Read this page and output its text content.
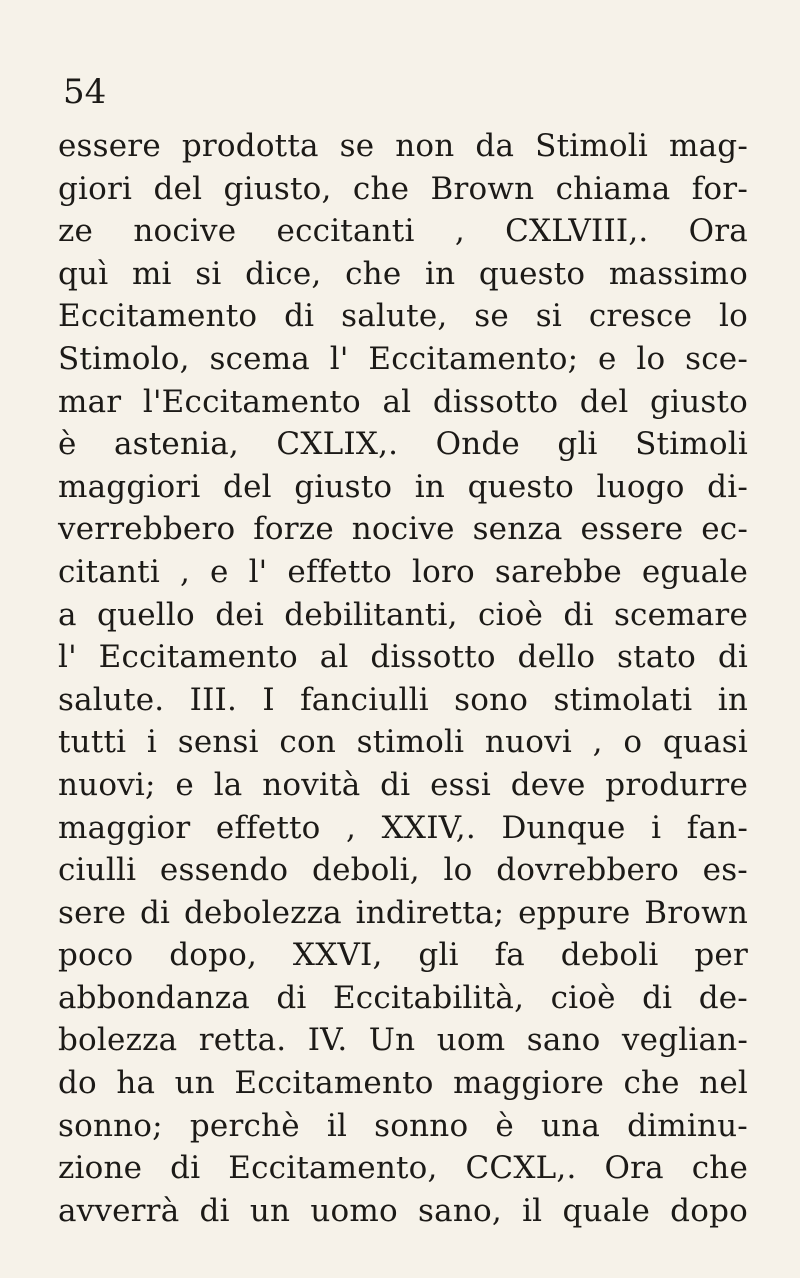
54
essere prodotta se non da Stimoli mag-
giori del giusto, che Brown chiama for-
ze nocive eccitanti , CXLVIII,. Ora
quì mi si dice, che in questo massimo
Eccitamento di salute, se si cresce lo
Stimolo, scema l' Eccitamento; e lo sce-
mar l'Eccitamento al dissotto del giusto
è astenia, CXLIX,. Onde gli Stimoli
maggiori del giusto in questo luogo di-
verrebbero forze nocive senza essere ec-
citanti , e l' effetto loro sarebbe eguale
a quello dei debilitanti, cioè di scemare
l' Eccitamento al dissotto dello stato di
salute. III. I fanciulli sono stimolati in
tutti i sensi con stimoli nuovi , o quasi
nuovi; e la novità di essi deve produrre
maggior effetto , XXIV,. Dunque i fan-
ciulli essendo deboli, lo dovrebbero es-
sere di debolezza indiretta; eppure Brown
poco dopo, XXVI, gli fa deboli per
abbondanza di Eccitabilità, cioè di de-
bolezza retta. IV. Un uom sano veglian-
do ha un Eccitamento maggiore che nel
sonno; perchè il sonno è una diminu-
zione di Eccitamento, CCXL,. Ora che
avverrà di un uomo sano, il quale dopo
